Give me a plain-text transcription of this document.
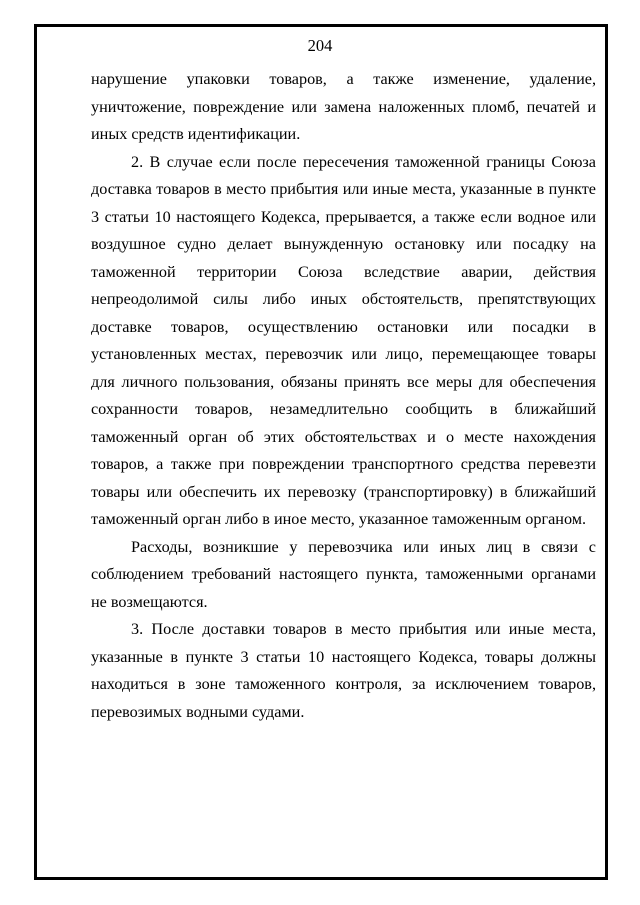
204

нарушение упаковки товаров, а также изменение, удаление, уничтожение, повреждение или замена наложенных пломб, печатей и иных средств идентификации.

2. В случае если после пересечения таможенной границы Союза доставка товаров в место прибытия или иные места, указанные в пункте 3 статьи 10 настоящего Кодекса, прерывается, а также если водное или воздушное судно делает вынужденную остановку или посадку на таможенной территории Союза вследствие аварии, действия непреодолимой силы либо иных обстоятельств, препятствующих доставке товаров, осуществлению остановки или посадки в установленных местах, перевозчик или лицо, перемещающее товары для личного пользования, обязаны принять все меры для обеспечения сохранности товаров, незамедлительно сообщить в ближайший таможенный орган об этих обстоятельствах и о месте нахождения товаров, а также при повреждении транспортного средства перевезти товары или обеспечить их перевозку (транспортировку) в ближайший таможенный орган либо в иное место, указанное таможенным органом.

Расходы, возникшие у перевозчика или иных лиц в связи с соблюдением требований настоящего пункта, таможенными органами не возмещаются.

3. После доставки товаров в место прибытия или иные места, указанные в пункте 3 статьи 10 настоящего Кодекса, товары должны находиться в зоне таможенного контроля, за исключением товаров, перевозимых водными судами.
